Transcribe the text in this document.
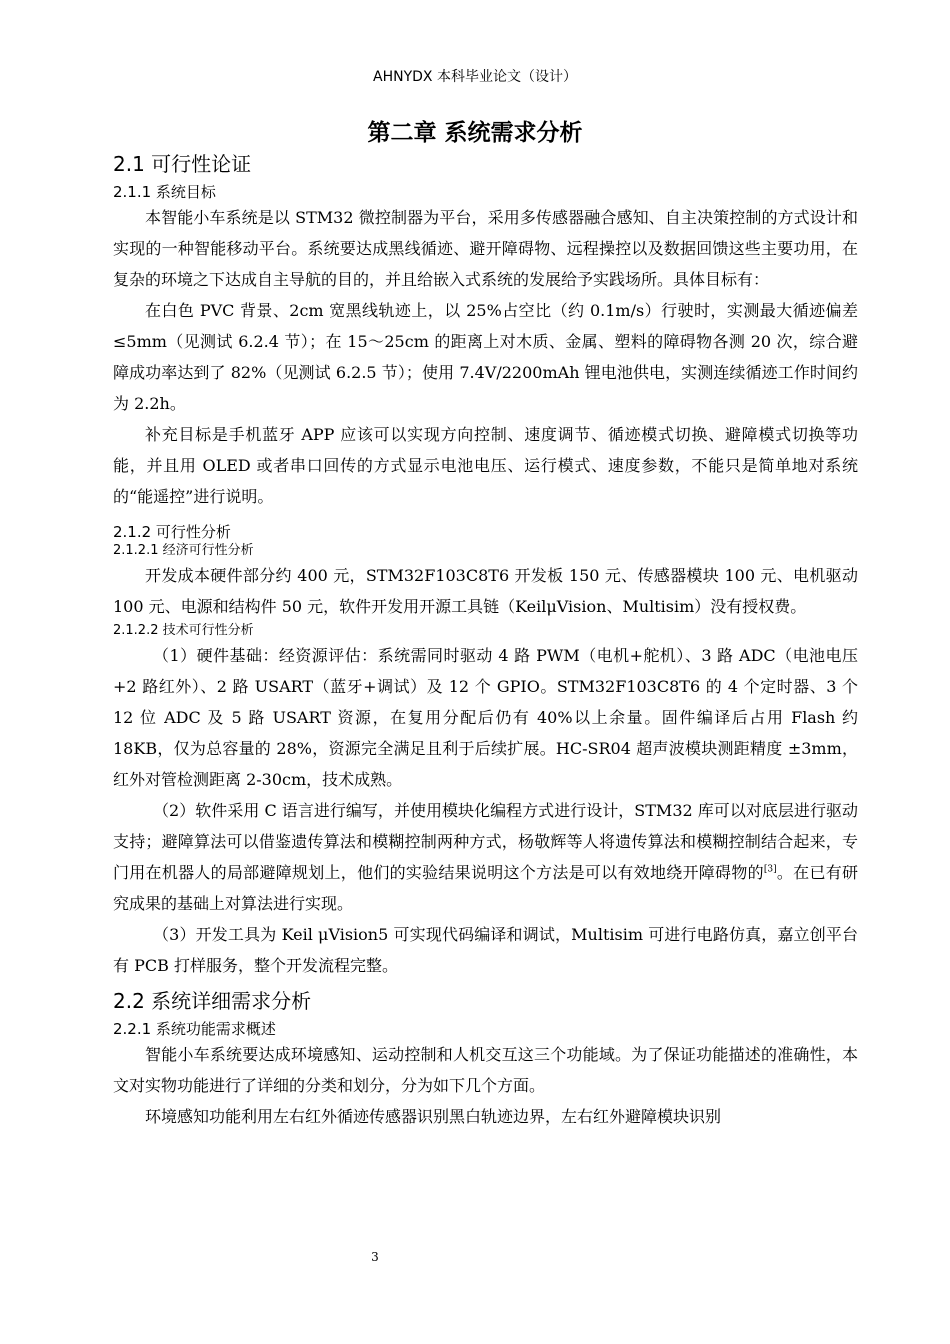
AHNYDX 本科毕业论文（设计）
第二章 系统需求分析
2.1 可行性论证
2.1.1 系统目标

本智能小车系统是以 STM32 微控制器为平台，采用多传感器融合感知、自主决策控制的方式设计和实现的一种智能移动平台。系统要达成黑线循迹、避开障碍物、远程操控以及数据回馈这些主要功用，在复杂的环境之下达成自主导航的目的，并且给嵌入式系统的发展给予实践场所。具体目标有：

在白色 PVC 背景、2cm 宽黑线轨迹上，以 25%占空比（约 0.1m/s）行驶时，实测最大循迹偏差≤5mm（见测试 6.2.4 节）；在 15～25cm 的距离上对木质、金属、塑料的障碍物各测 20 次，综合避障成功率达到了 82%（见测试 6.2.5 节）；使用 7.4V/2200mAh 锂电池供电，实测连续循迹工作时间约为 2.2h。

补充目标是手机蓝牙 APP 应该可以实现方向控制、速度调节、循迹模式切换、避障模式切换等功能，并且用 OLED 或者串口回传的方式显示电池电压、运行模式、速度参数，不能只是简单地对系统的“能遥控”进行说明。

2.1.2 可行性分析
2.1.2.1 经济可行性分析

开发成本硬件部分约 400 元，STM32F103C8T6 开发板 150 元、传感器模块 100 元、电机驱动 100 元、电源和结构件 50 元，软件开发用开源工具链（KeilμVision、Multisim）没有授权费。

2.1.2.2 技术可行性分析

（1）硬件基础：经资源评估：系统需同时驱动 4 路 PWM（电机+舵机）、3 路 ADC（电池电压+2 路红外）、2 路 USART（蓝牙+调试）及 12 个 GPIO。STM32F103C8T6 的 4 个定时器、3 个 12 位 ADC 及 5 路 USART 资源，在复用分配后仍有 40%以上余量。固件编译后占用 Flash 约 18KB，仅为总容量的 28%，资源完全满足且利于后续扩展。HC-SR04 超声波模块测距精度 ±3mm，红外对管检测距离 2-30cm，技术成熟。

（2）软件采用 C 语言进行编写，并使用模块化编程方式进行设计，STM32 库可以对底层进行驱动支持；避障算法可以借鉴遗传算法和模糊控制两种方式，杨敬辉等人将遗传算法和模糊控制结合起来，专门用在机器人的局部避障规划上，他们的实验结果说明这个方法是可以有效地绕开障碍物的[3]。在已有研究成果的基础上对算法进行实现。

（3）开发工具为 Keil μVision5 可实现代码编译和调试，Multisim 可进行电路仿真，嘉立创平台有 PCB 打样服务，整个开发流程完整。

2.2 系统详细需求分析
2.2.1 系统功能需求概述

智能小车系统要达成环境感知、运动控制和人机交互这三个功能域。为了保证功能描述的准确性，本文对实物功能进行了详细的分类和划分，分为如下几个方面。

环境感知功能利用左右红外循迹传感器识别黑白轨迹边界，左右红外避障模块识别

3
